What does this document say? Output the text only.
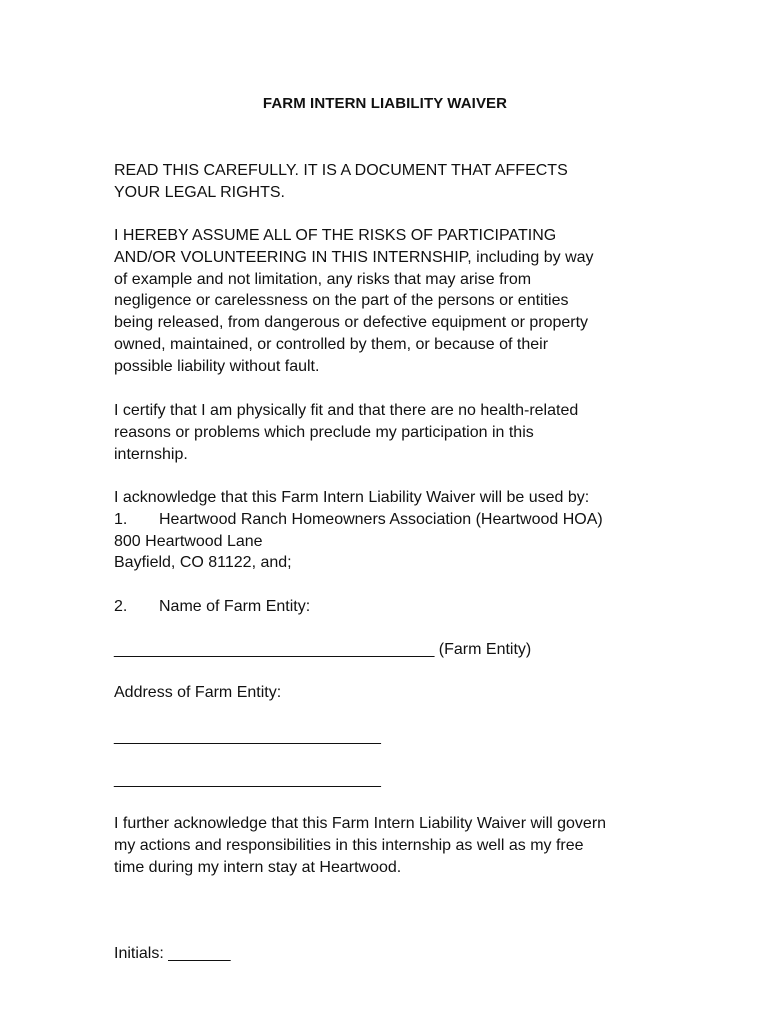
FARM INTERN LIABILITY WAIVER
READ THIS CAREFULLY. IT IS A DOCUMENT THAT AFFECTS
YOUR LEGAL RIGHTS.
I HEREBY ASSUME ALL OF THE RISKS OF PARTICIPATING
AND/OR VOLUNTEERING IN THIS INTERNSHIP, including by way
of example and not limitation, any risks that may arise from
negligence or carelessness on the part of the persons or entities
being released, from dangerous or defective equipment or property
owned, maintained, or controlled by them, or because of their
possible liability without fault.
I certify that I am physically fit and that there are no health-related
reasons or problems which preclude my participation in this
internship.
I acknowledge that this Farm Intern Liability Waiver will be used by:
1. Heartwood Ranch Homeowners Association (Heartwood HOA)
800 Heartwood Lane
Bayfield, CO 81122, and;
2. Name of Farm Entity:
____________________________________ (Farm Entity)
Address of Farm Entity:
______________________________
______________________________
I further acknowledge that this Farm Intern Liability Waiver will govern
my actions and responsibilities in this internship as well as my free
time during my intern stay at Heartwood.
Initials: _______
